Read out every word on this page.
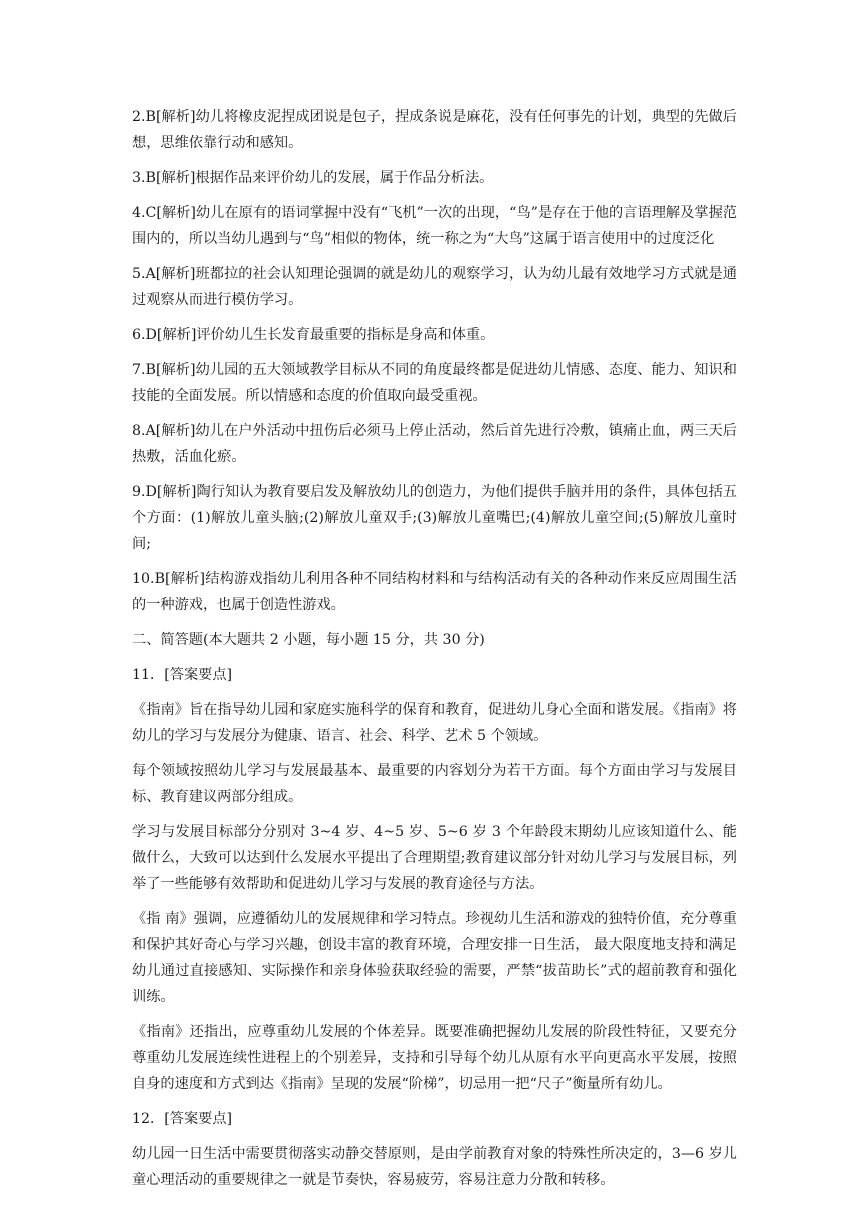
2.B[解析]幼儿将橡皮泥捏成团说是包子，捏成条说是麻花，没有任何事先的计划，典型的先做后想，思维依靠行动和感知。

3.B[解析]根据作品来评价幼儿的发展，属于作品分析法。

4.C[解析]幼儿在原有的语词掌握中没有“飞机”一次的出现，“鸟”是存在于他的言语理解及掌握范围内的，所以当幼儿遇到与“鸟”相似的物体，统一称之为“大鸟”这属于语言使用中的过度泛化

5.A[解析]班都拉的社会认知理论强调的就是幼儿的观察学习，认为幼儿最有效地学习方式就是通过观察从而进行模仿学习。

6.D[解析]评价幼儿生长发育最重要的指标是身高和体重。

7.B[解析]幼儿园的五大领域教学目标从不同的角度最终都是促进幼儿情感、态度、能力、知识和技能的全面发展。所以情感和态度的价值取向最受重视。

8.A[解析]幼儿在户外活动中扭伤后必须马上停止活动，然后首先进行冷敷，镇痛止血，两三天后热敷，活血化瘀。

9.D[解析]陶行知认为教育要启发及解放幼儿的创造力，为他们提供手脑并用的条件，具体包括五个方面：(1)解放儿童头脑;(2)解放儿童双手;(3)解放儿童嘴巴;(4)解放儿童空间;(5)解放儿童时间;

10.B[解析]结构游戏指幼儿利用各种不同结构材料和与结构活动有关的各种动作来反应周围生活的一种游戏，也属于创造性游戏。

二、简答题(本大题共 2 小题，每小题 15 分，共 30 分)

11．[答案要点]

《指南》旨在指导幼儿园和家庭实施科学的保育和教育，促进幼儿身心全面和谐发展。《指南》将幼儿的学习与发展分为健康、语言、社会、科学、艺术 5 个领域。

每个领域按照幼儿学习与发展最基本、最重要的内容划分为若干方面。每个方面由学习与发展目标、教育建议两部分组成。

学习与发展目标部分分别对 3~4 岁、4~5 岁、5~6 岁 3 个年龄段末期幼儿应该知道什么、能做什么，大致可以达到什么发展水平提出了合理期望;教育建议部分针对幼儿学习与发展目标，列举了一些能够有效帮助和促进幼儿学习与发展的教育途径与方法。

《指 南》强调，应遵循幼儿的发展规律和学习特点。珍视幼儿生活和游戏的独特价值，充分尊重和保护其好奇心与学习兴趣，创设丰富的教育环境，合理安排一日生活， 最大限度地支持和满足幼儿通过直接感知、实际操作和亲身体验获取经验的需要，严禁“拔苗助长”式的超前教育和强化训练。

《指南》还指出，应尊重幼儿发展的个体差异。既要准确把握幼儿发展的阶段性特征，又要充分尊重幼儿发展连续性进程上的个别差异，支持和引导每个幼儿从原有水平向更高水平发展，按照自身的速度和方式到达《指南》呈现的发展“阶梯”，切忌用一把“尺子”衡量所有幼儿。

12．[答案要点]

幼儿园一日生活中需要贯彻落实动静交替原则，是由学前教育对象的特殊性所决定的，3—6 岁儿童心理活动的重要规律之一就是节奏快，容易疲劳，容易注意力分散和转移。
